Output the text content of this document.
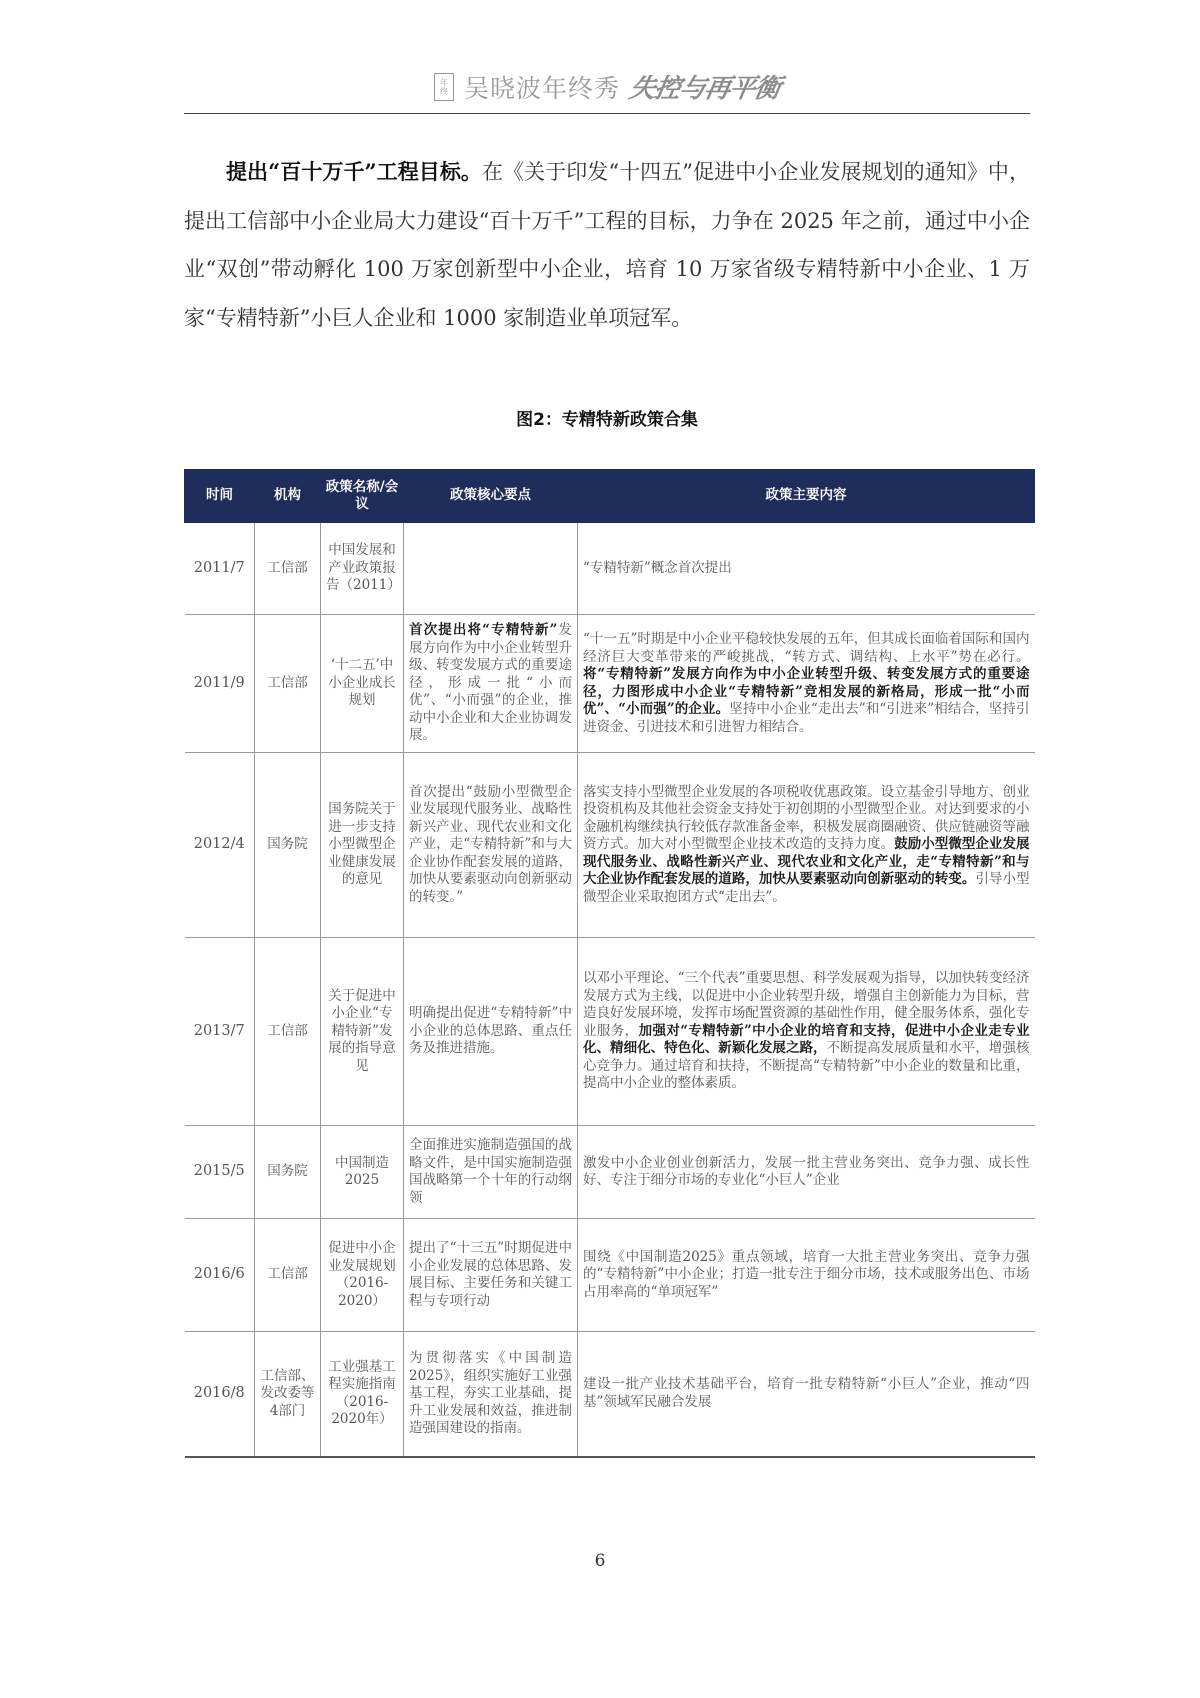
年
终 吴晓波年终秀 失控与再平衡
提出“百十万千”工程目标。在《关于印发“十四五”促进中小企业发展规划的通知》中，提出工信部中小企业局大力建设“百十万千”工程的目标，力争在 2025 年之前，通过中小企业“双创”带动孵化 100 万家创新型中小企业，培育 10 万家省级专精特新中小企业、1 万家“专精特新”小巨人企业和 1000 家制造业单项冠军。
图2：专精特新政策合集
时间	机构	政策名称/会议	政策核心要点	政策主要内容
2011/7	工信部	中国发展和产业政策报告（2011）		“专精特新”概念首次提出
2011/9	工信部	‘十二五’中小企业成长规划	首次提出将“专精特新”发展方向作为中小企业转型升级、转变发展方式的重要途径，形成一批“小而优”、“小而强”的企业，推动中小企业和大企业协调发展。	“十一五”时期是中小企业平稳较快发展的五年，但其成长面临着国际和国内经济巨大变革带来的严峻挑战，“转方式、调结构、上水平”势在必行。将“专精特新”发展方向作为中小企业转型升级、转变发展方式的重要途径，力图形成中小企业“专精特新”竞相发展的新格局，形成一批“小而优”、“小而强”的企业。坚持中小企业“走出去”和“引进来”相结合，坚持引进资金、引进技术和引进智力相结合。
2012/4	国务院	国务院关于进一步支持小型微型企业健康发展的意见	首次提出“鼓励小型微型企业发展现代服务业、战略性新兴产业、现代农业和文化产业，走“专精特新”和与大企业协作配套发展的道路，加快从要素驱动向创新驱动的转变。”	落实支持小型微型企业发展的各项税收优惠政策。设立基金引导地方、创业投资机构及其他社会资金支持处于初创期的小型微型企业。对达到要求的小金融机构继续执行较低存款准备金率，积极发展商圈融资、供应链融资等融资方式。加大对小型微型企业技术改造的支持力度。鼓励小型微型企业发展现代服务业、战略性新兴产业、现代农业和文化产业，走“专精特新”和与大企业协作配套发展的道路，加快从要素驱动向创新驱动的转变。引导小型微型企业采取抱团方式“走出去”。
2013/7	工信部	关于促进中小企业“专精特新”发展的指导意见	明确提出促进“专精特新”中小企业的总体思路、重点任务及推进措施。	以邓小平理论、“三个代表”重要思想、科学发展观为指导，以加快转变经济发展方式为主线，以促进中小企业转型升级，增强自主创新能力为目标，营造良好发展环境，发挥市场配置资源的基础性作用，健全服务体系，强化专业服务，加强对“专精特新”中小企业的培育和支持，促进中小企业走专业化、精细化、特色化、新颖化发展之路，不断提高发展质量和水平，增强核心竞争力。通过培育和扶持，不断提高“专精特新”中小企业的数量和比重，提高中小企业的整体素质。
2015/5	国务院	中国制造2025	全面推进实施制造强国的战略文件，是中国实施制造强国战略第一个十年的行动纲领	激发中小企业创业创新活力，发展一批主营业务突出、竞争力强、成长性好、专注于细分市场的专业化“小巨人”企业
2016/6	工信部	促进中小企业发展规划（2016-2020）	提出了“十三五”时期促进中小企业发展的总体思路、发展目标、主要任务和关键工程与专项行动	围绕《中国制造2025》重点领域，培育一大批主营业务突出、竞争力强的“专精特新”中小企业；打造一批专注于细分市场，技术或服务出色、市场占用率高的“单项冠军”
2016/8	工信部、发改委等4部门	工业强基工程实施指南（2016-2020年）	为贯彻落实《中国制造2025》，组织实施好工业强基工程，夯实工业基础，提升工业发展和效益，推进制造强国建设的指南。	建设一批产业技术基础平台，培育一批专精特新“小巨人”企业，推动“四基”领域军民融合发展
6
